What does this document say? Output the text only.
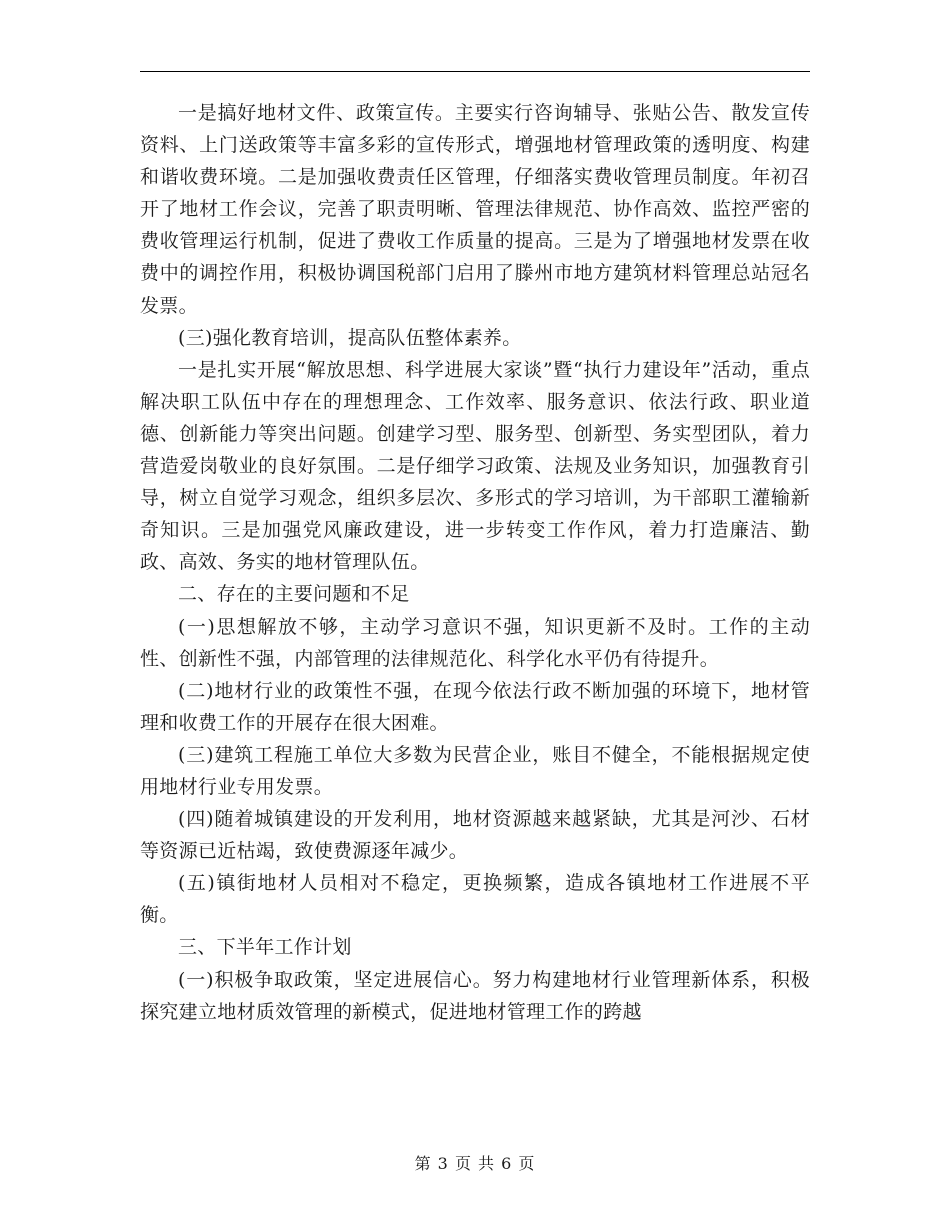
一是搞好地材文件、政策宣传。主要实行咨询辅导、张贴公告、散发宣传资料、上门送政策等丰富多彩的宣传形式，增强地材管理政策的透明度、构建和谐收费环境。二是加强收费责任区管理，仔细落实费收管理员制度。年初召开了地材工作会议，完善了职责明晰、管理法律规范、协作高效、监控严密的费收管理运行机制，促进了费收工作质量的提高。三是为了增强地材发票在收费中的调控作用，积极协调国税部门启用了滕州市地方建筑材料管理总站冠名发票。

(三)强化教育培训，提高队伍整体素养。

一是扎实开展“解放思想、科学进展大家谈”暨“执行力建设年”活动，重点解决职工队伍中存在的理想理念、工作效率、服务意识、依法行政、职业道德、创新能力等突出问题。创建学习型、服务型、创新型、务实型团队，着力营造爱岗敬业的良好氛围。二是仔细学习政策、法规及业务知识，加强教育引导，树立自觉学习观念，组织多层次、多形式的学习培训，为干部职工灌输新奇知识。三是加强党风廉政建设，进一步转变工作作风，着力打造廉洁、勤政、高效、务实的地材管理队伍。

二、存在的主要问题和不足

(一)思想解放不够，主动学习意识不强，知识更新不及时。工作的主动性、创新性不强，内部管理的法律规范化、科学化水平仍有待提升。

(二)地材行业的政策性不强，在现今依法行政不断加强的环境下，地材管理和收费工作的开展存在很大困难。

(三)建筑工程施工单位大多数为民营企业，账目不健全，不能根据规定使用地材行业专用发票。

(四)随着城镇建设的开发利用，地材资源越来越紧缺，尤其是河沙、石材等资源已近枯竭，致使费源逐年减少。

(五)镇街地材人员相对不稳定，更换频繁，造成各镇地材工作进展不平衡。

三、下半年工作计划

(一)积极争取政策，坚定进展信心。努力构建地材行业管理新体系，积极探究建立地材质效管理的新模式，促进地材管理工作的跨越

第 3 页 共 6 页
